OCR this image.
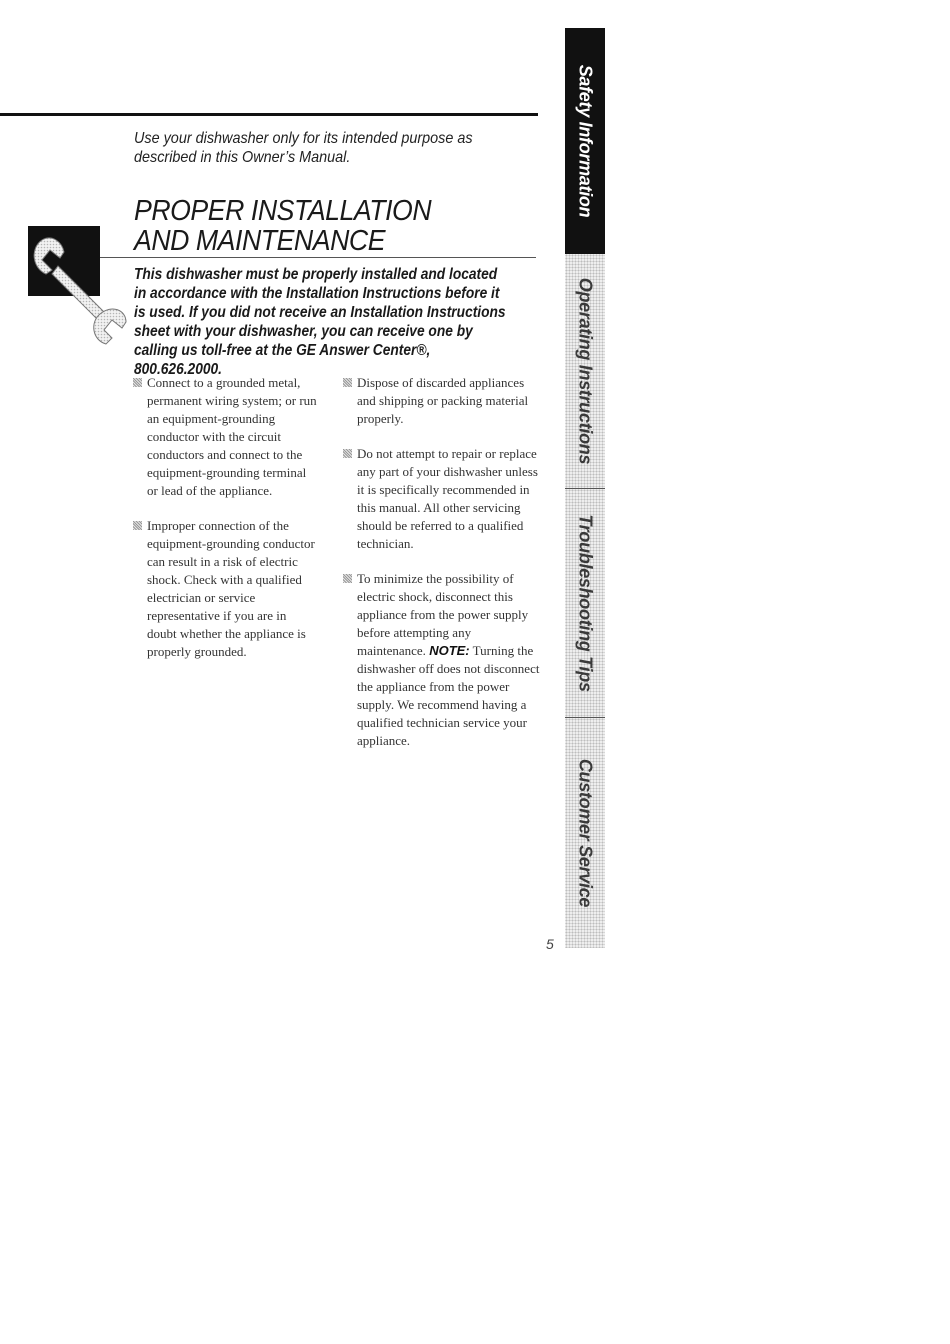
Use your dishwasher only for its intended purpose as described in this Owner’s Manual.
PROPER INSTALLATION
AND MAINTENANCE
This dishwasher must be properly installed and located in accordance with the Installation Instructions before it is used. If you did not receive an Installation Instructions sheet with your dishwasher, you can receive one by calling us toll-free at the GE Answer Center®, 800.626.2000.
Connect to a grounded metal, permanent wiring system; or run an equipment-grounding conductor with the circuit conductors and connect to the equipment-grounding terminal or lead of the appliance.
Improper connection of the equipment-grounding conductor can result in a risk of electric shock. Check with a qualified electrician or service representative if you are in doubt whether the appliance is properly grounded.
Dispose of discarded appliances and shipping or packing material properly.
Do not attempt to repair or replace any part of your dishwasher unless it is specifically recommended in this manual. All other servicing should be referred to a qualified technician.
To minimize the possibility of electric shock, disconnect this appliance from the power supply before attempting any maintenance. NOTE: Turning the dishwasher off does not disconnect the appliance from the power supply. We recommend having a qualified technician service your appliance.
5
Safety Information
Operating Instructions
Troubleshooting Tips
Customer Service
